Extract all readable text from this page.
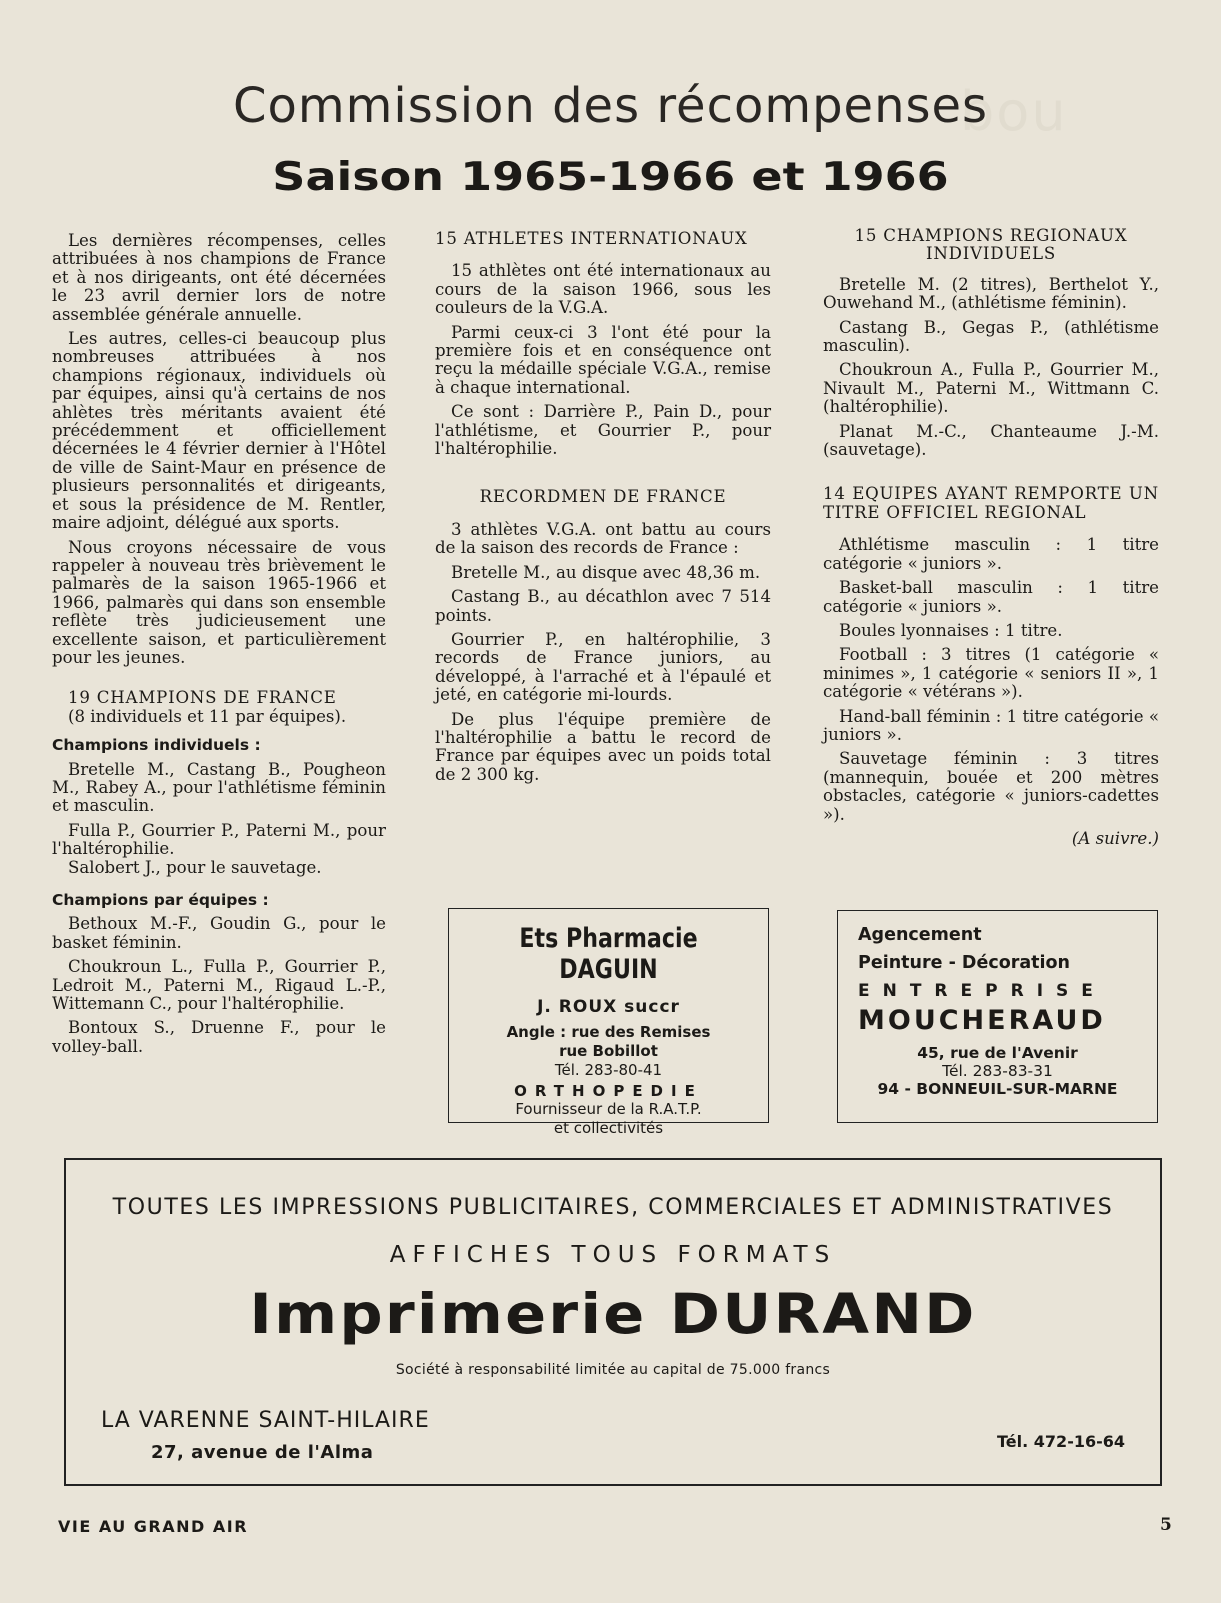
bou
Commission des récompenses
Saison 1965-1966 et 1966

Les dernières récompenses, celles attribuées à nos champions de France et à nos dirigeants, ont été décernées le 23 avril dernier lors de notre assemblée générale annuelle.

Les autres, celles-ci beaucoup plus nombreuses attribuées à nos champions régionaux, individuels où par équipes, ainsi qu'à certains de nos ahlètes très méritants avaient été précédemment et officiellement décernées le 4 février dernier à l'Hôtel de ville de Saint-Maur en présence de plusieurs personnalités et dirigeants, et sous la présidence de M. Rentler, maire adjoint, délégué aux sports.

Nous croyons nécessaire de vous rappeler à nouveau très brièvement le palmarès de la saison 1965-1966 et 1966, palmarès qui dans son ensemble reflète très judicieusement une excellente saison, et particulièrement pour les jeunes.

19 CHAMPIONS DE FRANCE
(8 individuels et 11 par équipes).
Champions individuels :

Bretelle M., Castang B., Pougheon M., Rabey A., pour l'athlétisme féminin et masculin.

Fulla P., Gourrier P., Paterni M., pour l'haltérophilie.

Salobert J., pour le sauvetage.

Champions par équipes :

Bethoux M.-F., Goudin G., pour le basket féminin.

Choukroun L., Fulla P., Gourrier P., Ledroit M., Paterni M., Rigaud L.-P., Wittemann C., pour l'haltérophilie.

Bontoux S., Druenne F., pour le volley-ball.

15 ATHLETES INTERNATIONAUX

15 athlètes ont été internationaux au cours de la saison 1966, sous les couleurs de la V.G.A.

Parmi ceux-ci 3 l'ont été pour la première fois et en conséquence ont reçu la médaille spéciale V.G.A., remise à chaque international.

Ce sont : Darrière P., Pain D., pour l'athlétisme, et Gourrier P., pour l'haltérophilie.

RECORDMEN DE FRANCE

3 athlètes V.G.A. ont battu au cours de la saison des records de France :

Bretelle M., au disque avec 48,36 m.

Castang B., au décathlon avec 7 514 points.

Gourrier P., en haltérophilie, 3 records de France juniors, au développé, à l'arraché et à l'épaulé et jeté, en catégorie mi-lourds.

De plus l'équipe première de l'haltérophilie a battu le record de France par équipes avec un poids total de 2 300 kg.

15 CHAMPIONS REGIONAUX INDIVIDUELS

Bretelle M. (2 titres), Berthelot Y., Ouwehand M., (athlétisme féminin).

Castang B., Gegas P., (athlétisme masculin).

Choukroun A., Fulla P., Gourrier M., Nivault M., Paterni M., Wittmann C. (haltérophilie).

Planat M.-C., Chanteaume J.-M. (sauvetage).

14 EQUIPES AYANT REMPORTE UN TITRE OFFICIEL REGIONAL

Athlétisme masculin : 1 titre catégorie « juniors ».

Basket-ball masculin : 1 titre catégorie « juniors ».

Boules lyonnaises : 1 titre.

Football : 3 titres (1 catégorie « minimes », 1 catégorie « seniors II », 1 catégorie « vétérans »).

Hand-ball féminin : 1 titre catégorie « juniors ».

Sauvetage féminin : 3 titres (mannequin, bouée et 200 mètres obstacles, catégorie « juniors-cadettes »).

(A suivre.)
Ets Pharmacie DAGUIN
J. ROUX succr
Angle : rue des Remises
rue Bobillot
Tél. 283-80-41
ORTHOPEDIE
Fournisseur de la R.A.T.P.
et collectivités
Agencement
Peinture - Décoration
ENTREPRISE
MOUCHERAUD
45, rue de l'Avenir
Tél. 283-83-31
94 - BONNEUIL-SUR-MARNE
TOUTES LES IMPRESSIONS PUBLICITAIRES, COMMERCIALES ET ADMINISTRATIVES
AFFICHES TOUS FORMATS
Imprimerie DURAND
Société à responsabilité limitée au capital de 75.000 francs
LA VARENNE SAINT-HILAIRE
27, avenue de l'Alma
Tél. 472-16-64
VIE AU GRAND AIR	5
